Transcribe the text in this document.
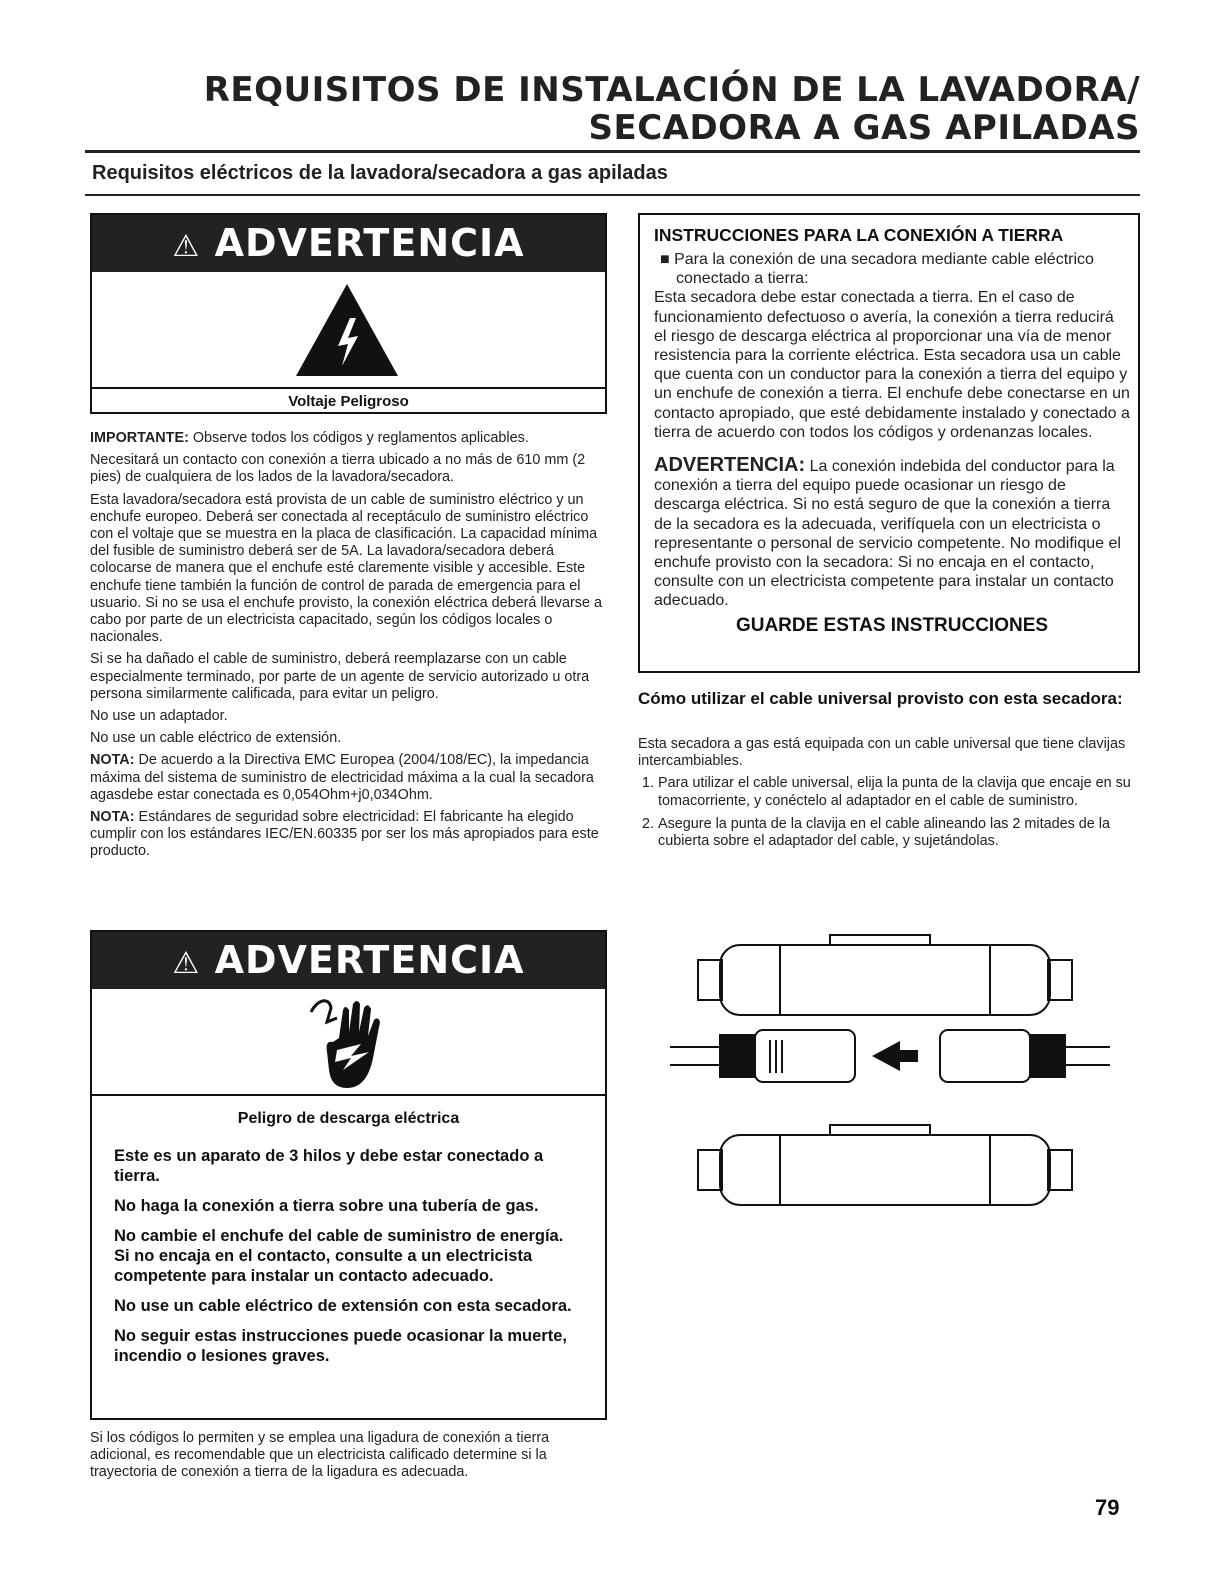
REQUISITOS DE INSTALACIÓN DE LA LAVADORA/
SECADORA A GAS APILADAS
Requisitos eléctricos de la lavadora/secadora a gas apiladas
⚠ ADVERTENCIA
Voltaje Peligroso

IMPORTANTE: Observe todos los códigos y reglamentos aplicables.

Necesitará un contacto con conexión a tierra ubicado a no más de 610 mm (2 pies) de cualquiera de los lados de la lavadora/secadora.

Esta lavadora/secadora está provista de un cable de suministro eléctrico y un enchufe europeo. Deberá ser conectada al receptáculo de suministro eléctrico con el voltaje que se muestra en la placa de clasificación. La capacidad mínima del fusible de suministro deberá ser de 5A. La lavadora/secadora deberá colocarse de manera que el enchufe esté claremente visible y accesible. Este enchufe tiene también la función de control de parada de emergencia para el usuario. Si no se usa el enchufe provisto, la conexión eléctrica deberá llevarse a cabo por parte de un electricista capacitado, según los códigos locales o nacionales.

Si se ha dañado el cable de suministro, deberá reemplazarse con un cable especialmente terminado, por parte de un agente de servicio autorizado u otra persona similarmente calificada, para evitar un peligro.

No use un adaptador.

No use un cable eléctrico de extensión.

NOTA: De acuerdo a la Directiva EMC Europea (2004/108/EC), la impedancia máxima del sistema de suministro de electricidad máxima a la cual la secadora agasdebe estar conectada es 0,054Ohm+j0,034Ohm.

NOTA: Estándares de seguridad sobre electricidad: El fabricante ha elegido cumplir con los estándares IEC/EN.60335 por ser los más apropiados para este producto.

⚠ ADVERTENCIA
Peligro de descarga eléctrica

Este es un aparato de 3 hilos y debe estar conectado a tierra.

No haga la conexión a tierra sobre una tubería de gas.

No cambie el enchufe del cable de suministro de energía. Si no encaja en el contacto, consulte a un electricista competente para instalar un contacto adecuado.

No use un cable eléctrico de extensión con esta secadora.

No seguir estas instrucciones puede ocasionar la muerte, incendio o lesiones graves.

Si los códigos lo permiten y se emplea una ligadura de conexión a tierra adicional, es recomendable que un electricista calificado determine si la trayectoria de conexión a tierra de la ligadura es adecuada.
INSTRUCCIONES PARA LA CONEXIÓN A TIERRA

■ Para la conexión de una secadora mediante cable eléctrico conectado a tierra:

Esta secadora debe estar conectada a tierra. En el caso de funcionamiento defectuoso o avería, la conexión a tierra reducirá el riesgo de descarga eléctrica al proporcionar una vía de menor resistencia para la corriente eléctrica. Esta secadora usa un cable que cuenta con un conductor para la conexión a tierra del equipo y un enchufe de conexión a tierra. El enchufe debe conectarse en un contacto apropiado, que esté debidamente instalado y conectado a tierra de acuerdo con todos los códigos y ordenanzas locales.

ADVERTENCIA: La conexión indebida del conductor para la conexión a tierra del equipo puede ocasionar un riesgo de descarga eléctrica. Si no está seguro de que la conexión a tierra de la secadora es la adecuada, verifíquela con un electricista o representante o personal de servicio competente. No modifique el enchufe provisto con la secadora: Si no encaja en el contacto, consulte con un electricista competente para instalar un contacto adecuado.

GUARDE ESTAS INSTRUCCIONES
Cómo utilizar el cable universal provisto con esta secadora:

Esta secadora a gas está equipada con un cable universal que tiene clavijas intercambiables.

1. Para utilizar el cable universal, elija la punta de la clavija que encaje en su tomacorriente, y conéctelo al adaptador en el cable de suministro.
2. Asegure la punta de la clavija en el cable alineando las 2 mitades de la cubierta sobre el adaptador del cable, y sujetándolas.
79
